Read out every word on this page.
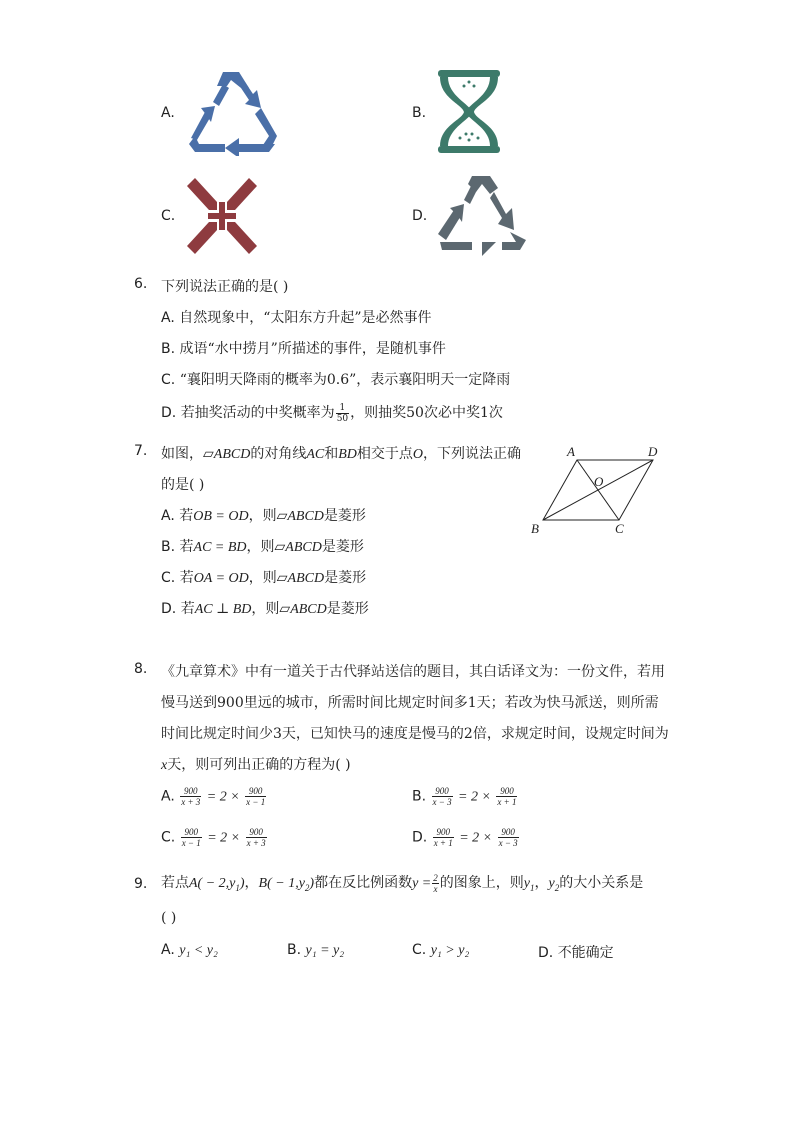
A.	B.
C.	D.
6. 下列说法正确的是( )
A. 自然现象中，“太阳东方升起”是必然事件
B. 成语“水中捞月”所描述的事件，是随机事件
C. “襄阳明天降雨的概率为0.6”，表示襄阳明天一定降雨
D. 若抽奖活动的中奖概率为 $\frac{1}{50}$ ，则抽奖50次必中奖1次
7. 如图，▱ABCD的对角线AC和BD相交于点O，下列说法正确
的是( )
A. 若OB = OD，则▱ABCD是菱形
B. 若AC = BD，则▱ABCD是菱形
C. 若OA = OD，则▱ABCD是菱形
D. 若AC ⊥ BD，则▱ABCD是菱形
A	D
O
B	C
8. 《九章算术》中有一道关于古代驿站送信的题目，其白话译文为：一份文件，若用
慢马送到900里远的城市，所需时间比规定时间多1天；若改为快马派送，则所需
时间比规定时间少3天，已知快马的速度是慢马的2倍，求规定时间，设规定时间为
x天，则可列出正确的方程为( )
A. $\frac{900}{x + 3} = 2 \times \frac{900}{x - 1}$	B. $\frac{900}{x - 3} = 2 \times \frac{900}{x + 1}$
C. $\frac{900}{x - 1} = 2 \times \frac{900}{x + 3}$	D. $\frac{900}{x + 1} = 2 \times \frac{900}{x - 3}$
9. 若点$A( - 2,y_1)$，$B( - 1,y_2)$都在反比例函数$y = \frac{2}{x}$ 的图象上，则$y_1$，$y_2$的大小关系是
( )
A. y₁ < y₂	B. y₁ = y₂	C. y₁ > y₂	D. 不能确定
